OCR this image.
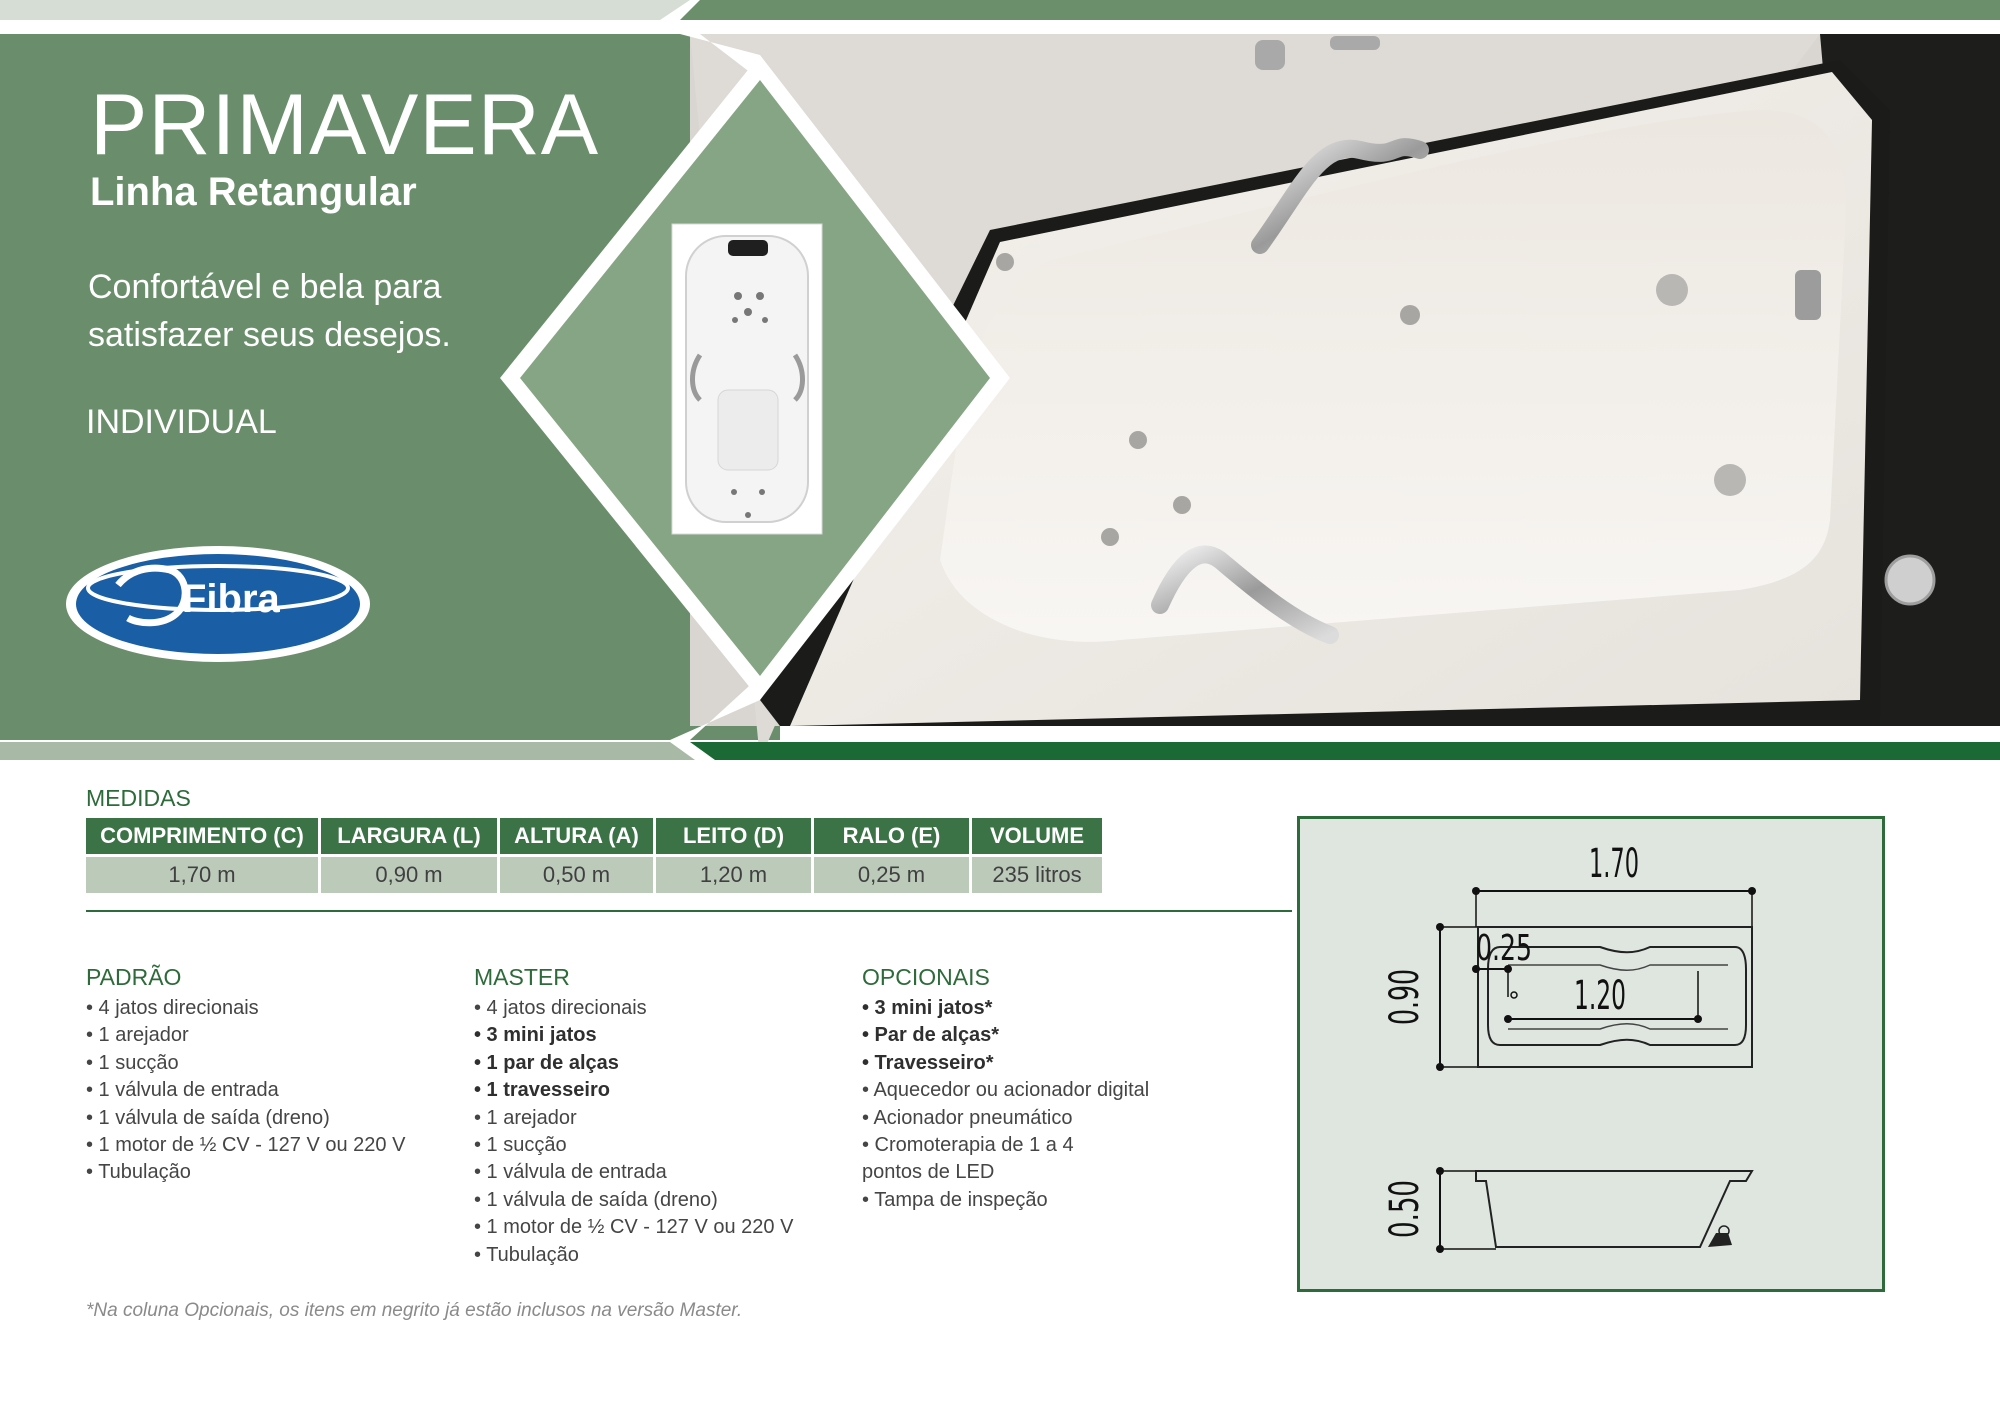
Fibra
PRIMAVERA
Linha Retangular
Confortável e bela para satisfazer seus desejos.
INDIVIDUAL
MEDIDAS
COMPRIMENTO (C)	LARGURA (L)	ALTURA (A)	LEITO (D)	RALO (E)	VOLUME
1,70 m	0,90 m	0,50 m	1,20 m	0,25 m	235 litros
PADRÃO
• 4 jatos direcionais
• 1 arejador
• 1 sucção
• 1 válvula de entrada
• 1 válvula de saída (dreno)
• 1 motor de ½ CV - 127 V ou 220 V
• Tubulação
MASTER
• 4 jatos direcionais
• 3 mini jatos
• 1 par de alças
• 1 travesseiro
• 1 arejador
• 1 sucção
• 1 válvula de entrada
• 1 válvula de saída (dreno)
• 1 motor de ½ CV - 127 V ou 220 V
• Tubulação
OPCIONAIS
• 3 mini jatos*
• Par de alças*
• Travesseiro*
• Aquecedor ou acionador digital
• Acionador pneumático
• Cromoterapia de 1 a 4
pontos de LED
• Tampa de inspeção
*Na coluna Opcionais, os itens em negrito já estão inclusos na versão Master.
1.70
0.90	1.20
0.25
0.50
